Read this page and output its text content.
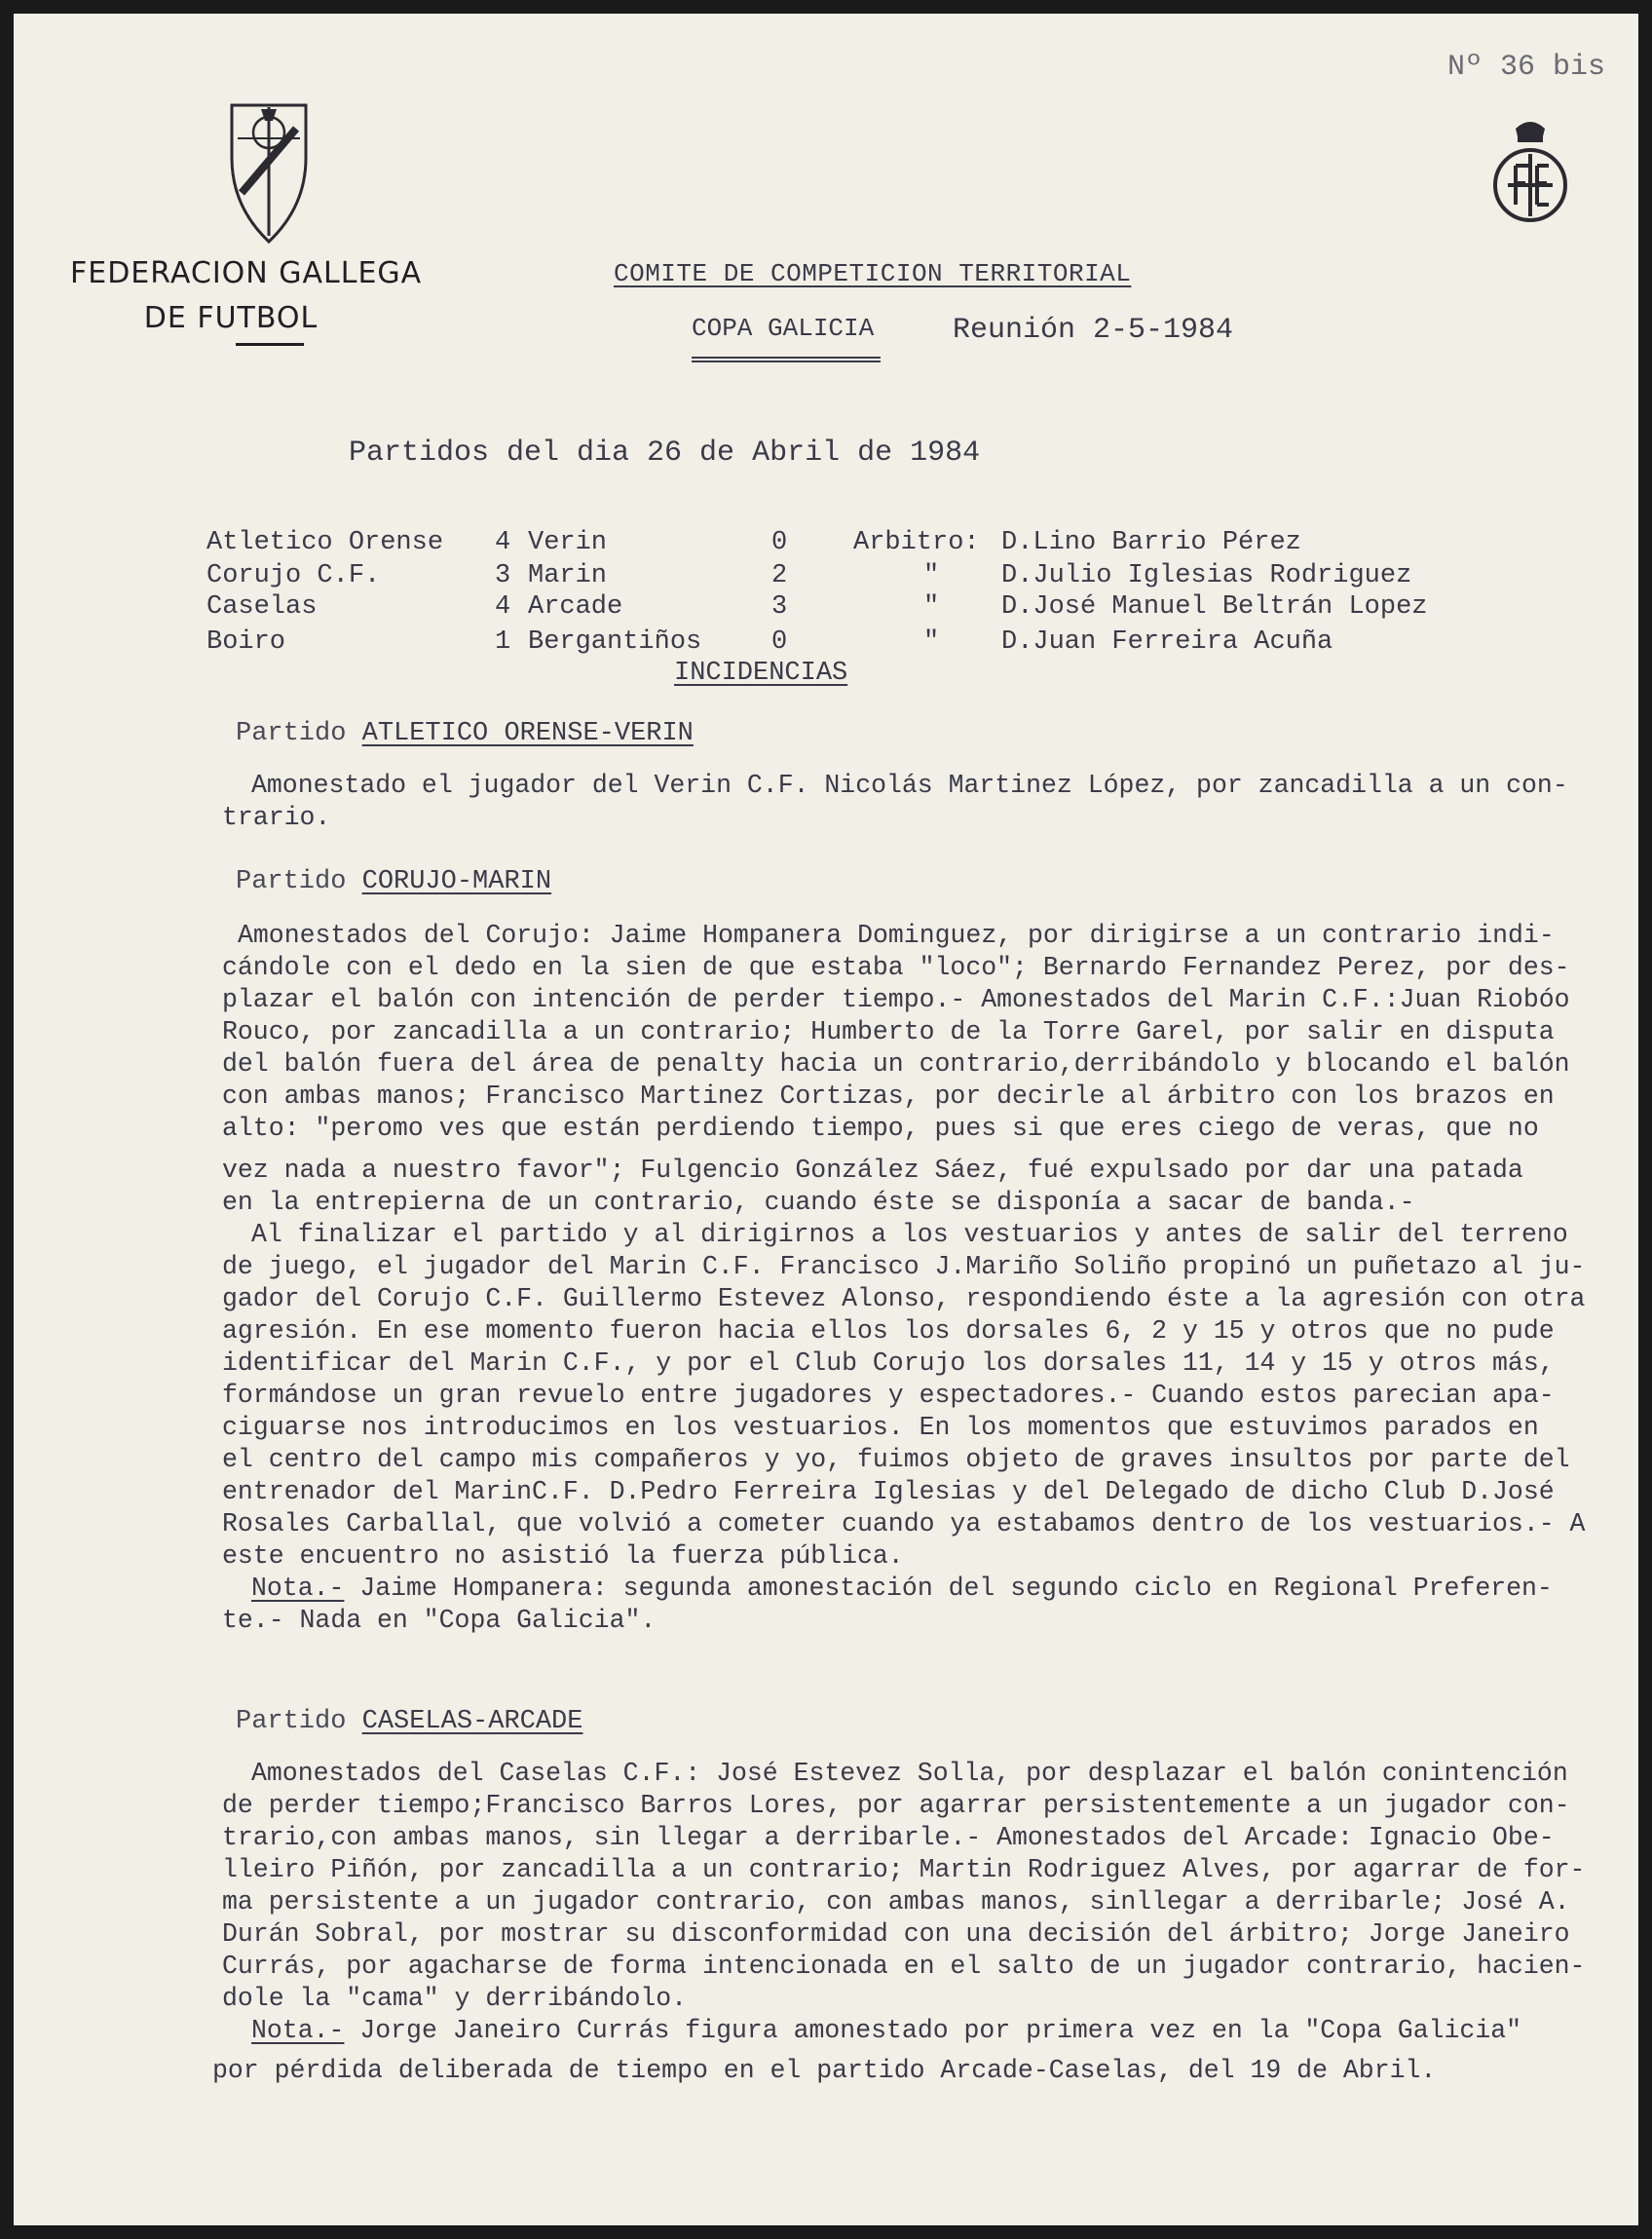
Nº 36 bis
FEDERACION GALLEGA
DE FUTBOL
COMITE DE COMPETICION TERRITORIAL
COPA GALICIA	Reunión 2-5-1984
Partidos del dia 26 de Abril de 1984
Atletico Orense 4 Verin	0	Arbitro: D.Lino Barrio Pérez
Corujo C.F.	3 Marin	2	" D.Julio Iglesias Rodriguez
Caselas	4 Arcade	3	" D.José Manuel Beltrán Lopez
Boiro	1 Bergantiños	0	" D.Juan Ferreira Acuña
INCIDENCIAS
Partido ATLETICO ORENSE-VERIN

Amonestado el jugador del Verin C.F. Nicolás Martinez López, por zancadilla a un con-

trario.

Partido CORUJO-MARIN

Amonestados del Corujo: Jaime Hompanera Dominguez, por dirigirse a un contrario indi-

cándole con el dedo en la sien de que estaba "loco"; Bernardo Fernandez Perez, por des-

plazar el balón con intención de perder tiempo.- Amonestados del Marin C.F.:Juan Riobóo

Rouco, por zancadilla a un contrario; Humberto de la Torre Garel, por salir en disputa

del balón fuera del área de penalty hacia un contrario,derribándolo y blocando el balón

con ambas manos; Francisco Martinez Cortizas, por decirle al árbitro con los brazos en

alto: "peromo ves que están perdiendo tiempo, pues si que eres ciego de veras, que no

vez nada a nuestro favor"; Fulgencio González Sáez, fué expulsado por dar una patada

en la entrepierna de un contrario, cuando éste se disponía a sacar de banda.-

Al finalizar el partido y al dirigirnos a los vestuarios y antes de salir del terreno

de juego, el jugador del Marin C.F. Francisco J.Mariño Soliño propinó un puñetazo al ju-

gador del Corujo C.F. Guillermo Estevez Alonso, respondiendo éste a la agresión con otra

agresión. En ese momento fueron hacia ellos los dorsales 6, 2 y 15 y otros que no pude

identificar del Marin C.F., y por el Club Corujo los dorsales 11, 14 y 15 y otros más,

formándose un gran revuelo entre jugadores y espectadores.- Cuando estos parecian apa-

ciguarse nos introducimos en los vestuarios. En los momentos que estuvimos parados en

el centro del campo mis compañeros y yo, fuimos objeto de graves insultos por parte del

entrenador del MarinC.F. D.Pedro Ferreira Iglesias y del Delegado de dicho Club D.José

Rosales Carballal, que volvió a cometer cuando ya estabamos dentro de los vestuarios.- A

este encuentro no asistió la fuerza pública.

Nota.- Jaime Hompanera: segunda amonestación del segundo ciclo en Regional Preferen-

te.- Nada en "Copa Galicia".

Partido CASELAS-ARCADE

Amonestados del Caselas C.F.: José Estevez Solla, por desplazar el balón conintención

de perder tiempo;Francisco Barros Lores, por agarrar persistentemente a un jugador con-

trario,con ambas manos, sin llegar a derribarle.- Amonestados del Arcade: Ignacio Obe-

lleiro Piñón, por zancadilla a un contrario; Martin Rodriguez Alves, por agarrar de for-

ma persistente a un jugador contrario, con ambas manos, sinllegar a derribarle; José A.

Durán Sobral, por mostrar su disconformidad con una decisión del árbitro; Jorge Janeiro

Currás, por agacharse de forma intencionada en el salto de un jugador contrario, hacien-

dole la "cama" y derribándolo.

Nota.- Jorge Janeiro Currás figura amonestado por primera vez en la "Copa Galicia"

por pérdida deliberada de tiempo en el partido Arcade-Caselas, del 19 de Abril.
